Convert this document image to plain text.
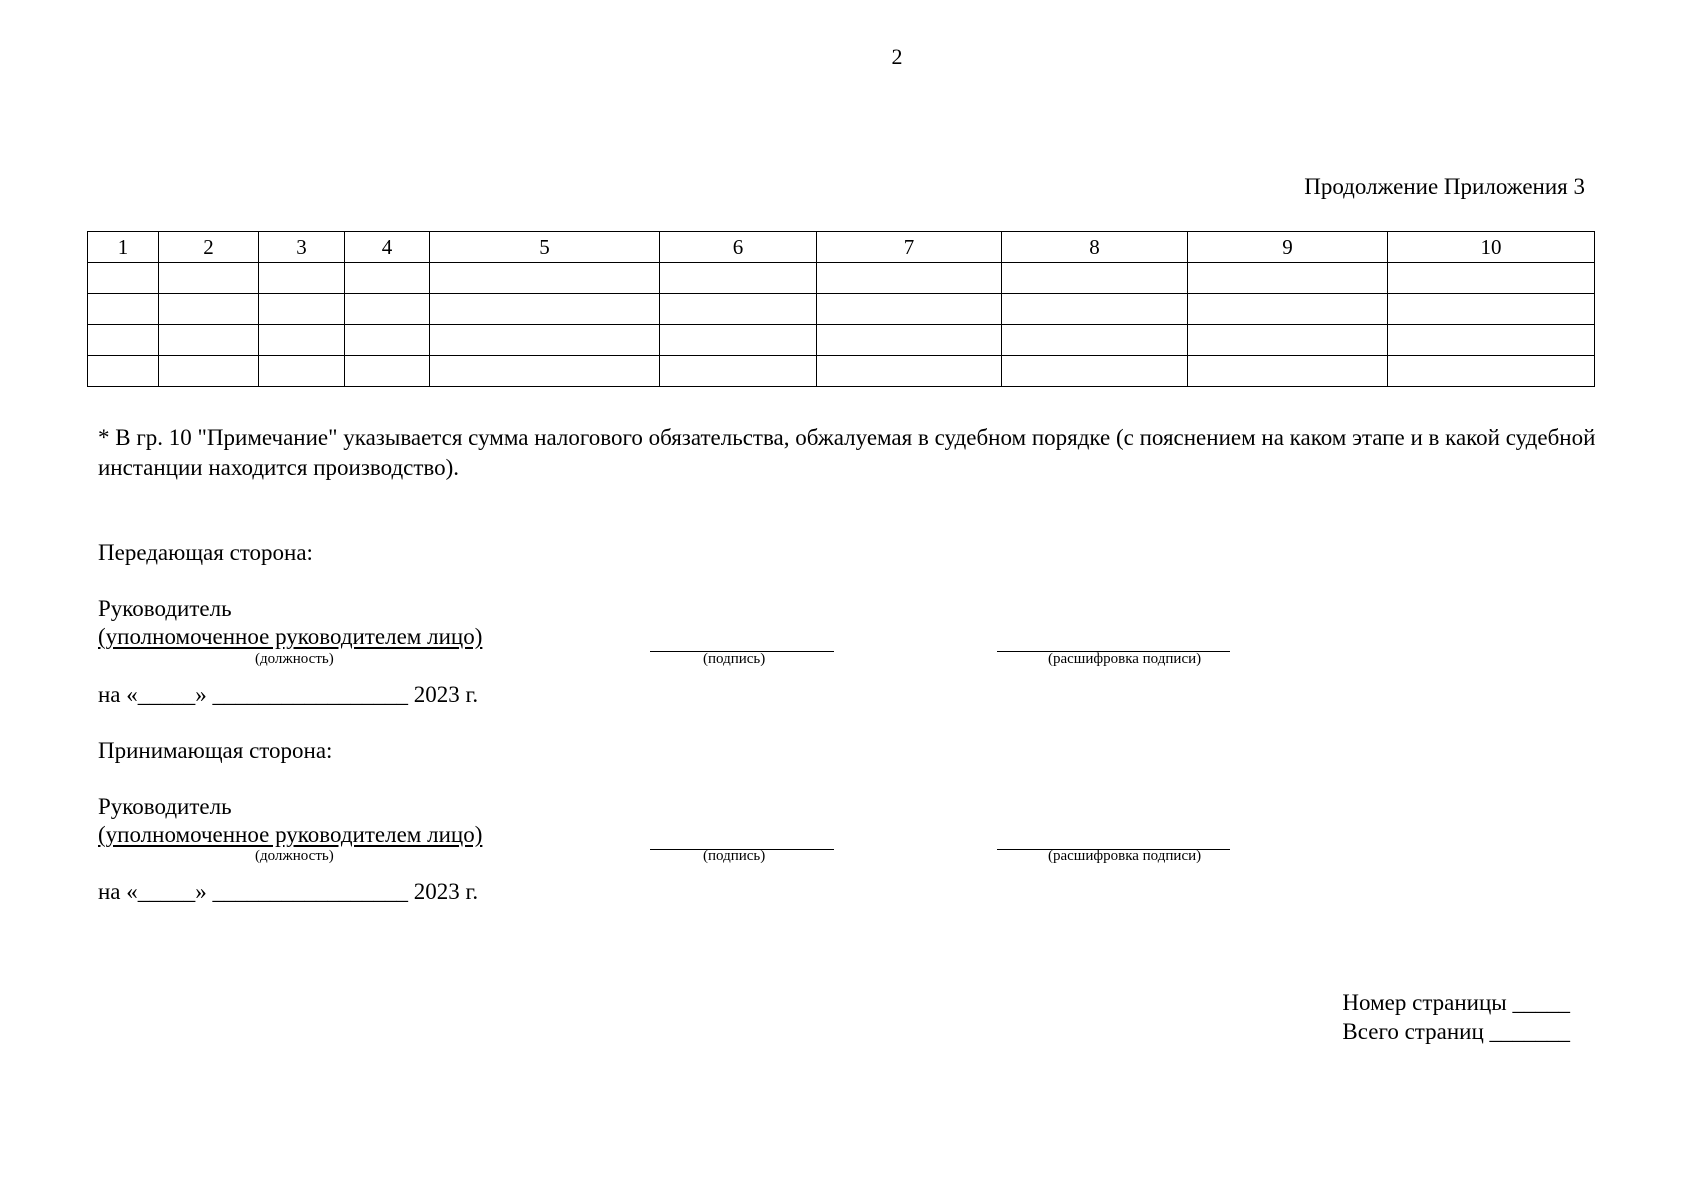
2
Продолжение Приложения 3
1	2	3	4	5	6	7	8	9	10

* В гр. 10 "Примечание" указывается сумма налогового обязательства, обжалуемая в судебном порядке (с пояснением на каком этапе и в какой судебной инстанции находится производство).
Передающая сторона:
Руководитель
(уполномоченное руководителем лицо)
(должность)	(подпись)	(расшифровка подписи)
на «_____» _________________ 2023 г.
Принимающая сторона:
Руководитель
(уполномоченное руководителем лицо)
(должность)	(подпись)	(расшифровка подписи)
на «_____» _________________ 2023 г.
Номер страницы _____
Всего страниц _______
